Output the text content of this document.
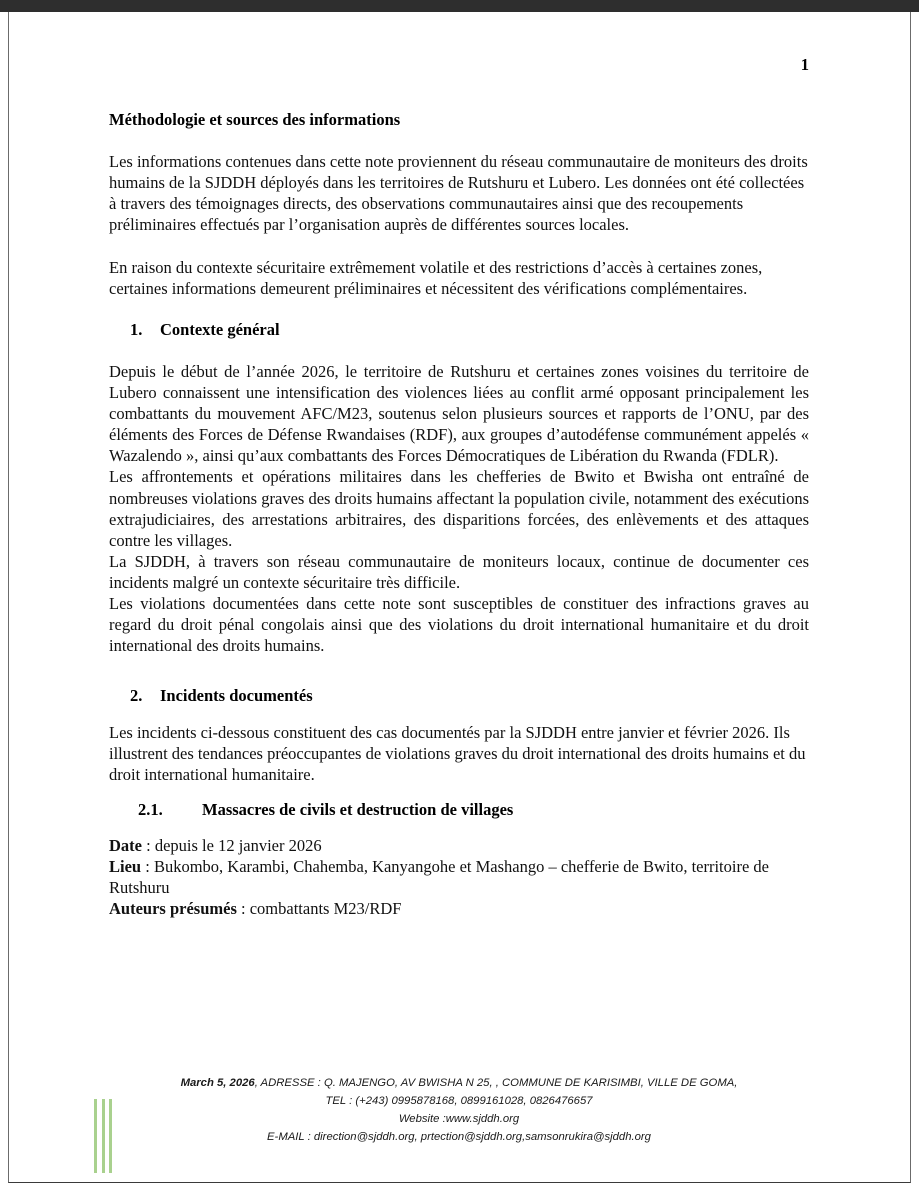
1
Méthodologie et sources des informations

Les informations contenues dans cette note proviennent du réseau communautaire de moniteurs des droits humains de la SJDDH déployés dans les territoires de Rutshuru et Lubero. Les données ont été collectées à travers des témoignages directs, des observations communautaires ainsi que des recoupements préliminaires effectués par l’organisation auprès de différentes sources locales.

En raison du contexte sécuritaire extrêmement volatile et des restrictions d’accès à certaines zones, certaines informations demeurent préliminaires et nécessitent des vérifications complémentaires.

1.	Contexte général

Depuis le début de l’année 2026, le territoire de Rutshuru et certaines zones voisines du territoire de Lubero connaissent une intensification des violences liées au conflit armé opposant principalement les combattants du mouvement AFC/M23, soutenus selon plusieurs sources et rapports de l’ONU, par des éléments des Forces de Défense Rwandaises (RDF), aux groupes d’autodéfense communément appelés « Wazalendo », ainsi qu’aux combattants des Forces Démocratiques de Libération du Rwanda (FDLR).

Les affrontements et opérations militaires dans les chefferies de Bwito et Bwisha ont entraîné de nombreuses violations graves des droits humains affectant la population civile, notamment des exécutions extrajudiciaires, des arrestations arbitraires, des disparitions forcées, des enlèvements et des attaques contre les villages.

La SJDDH, à travers son réseau communautaire de moniteurs locaux, continue de documenter ces incidents malgré un contexte sécuritaire très difficile.

Les violations documentées dans cette note sont susceptibles de constituer des infractions graves au regard du droit pénal congolais ainsi que des violations du droit international humanitaire et du droit international des droits humains.

2.	Incidents documentés

Les incidents ci-dessous constituent des cas documentés par la SJDDH entre janvier et février 2026. Ils illustrent des tendances préoccupantes de violations graves du droit international des droits humains et du droit international humanitaire.

2.1.	Massacres de civils et destruction de villages
Date : depuis le 12 janvier 2026
Lieu : Bukombo, Karambi, Chahemba, Kanyangohe et Mashango – chefferie de Bwito, territoire de Rutshuru
Auteurs présumés : combattants M23/RDF
March 5, 2026, ADRESSE : Q. MAJENGO, AV BWISHA N 25, , COMMUNE DE KARISIMBI, VILLE DE GOMA,
TEL : (+243) 0995878168, 0899161028, 0826476657
Website :www.sjddh.org
E-MAIL : direction@sjddh.org, prtection@sjddh.org,samsonrukira@sjddh.org
